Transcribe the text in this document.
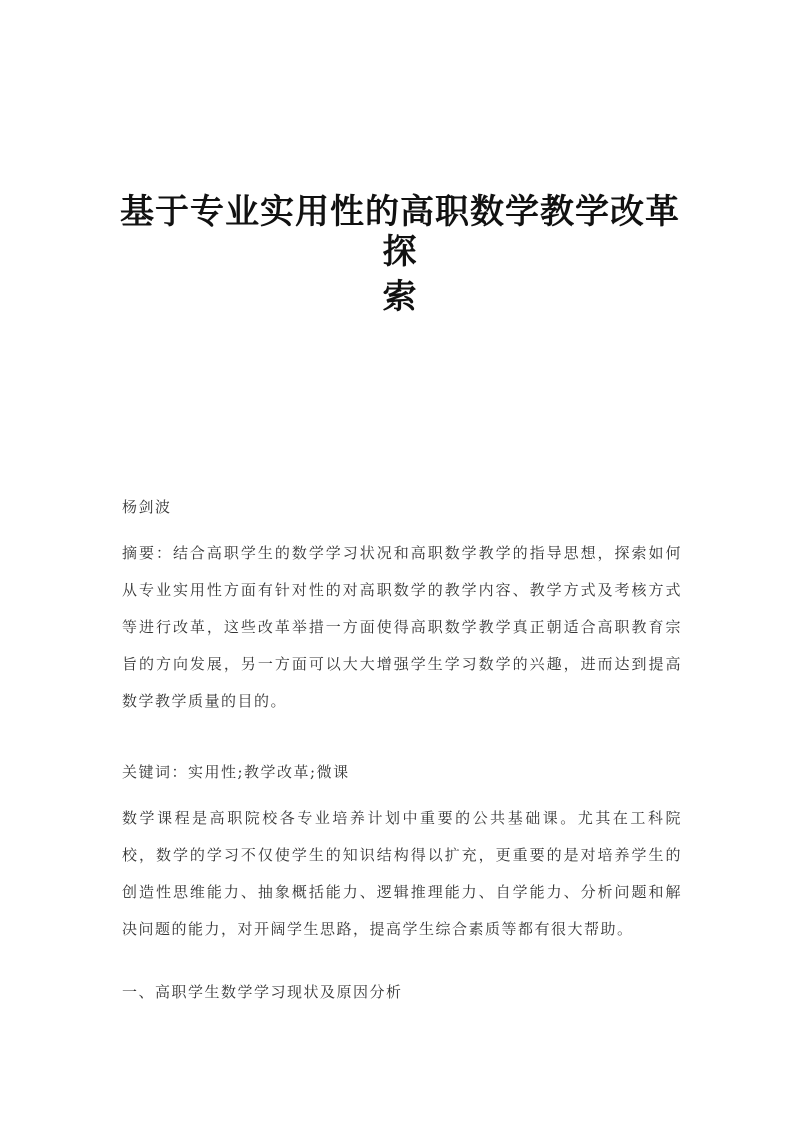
基于专业实用性的高职数学教学改革探
索
杨剑波
摘要：结合高职学生的数学学习状况和高职数学教学的指导思想，探索如何从专业实用性方面有针对性的对高职数学的教学内容、教学方式及考核方式等进行改革，这些改革举措一方面使得高职数学教学真正朝适合高职教育宗旨的方向发展，另一方面可以大大增强学生学习数学的兴趣，进而达到提高数学教学质量的目的。
关键词：实用性;教学改革;微课
数学课程是高职院校各专业培养计划中重要的公共基础课。尤其在工科院校，数学的学习不仅使学生的知识结构得以扩充，更重要的是对培养学生的创造性思维能力、抽象概括能力、逻辑推理能力、自学能力、分析问题和解决问题的能力，对开阔学生思路，提高学生综合素质等都有很大帮助。
一、高职学生数学学习现状及原因分析
